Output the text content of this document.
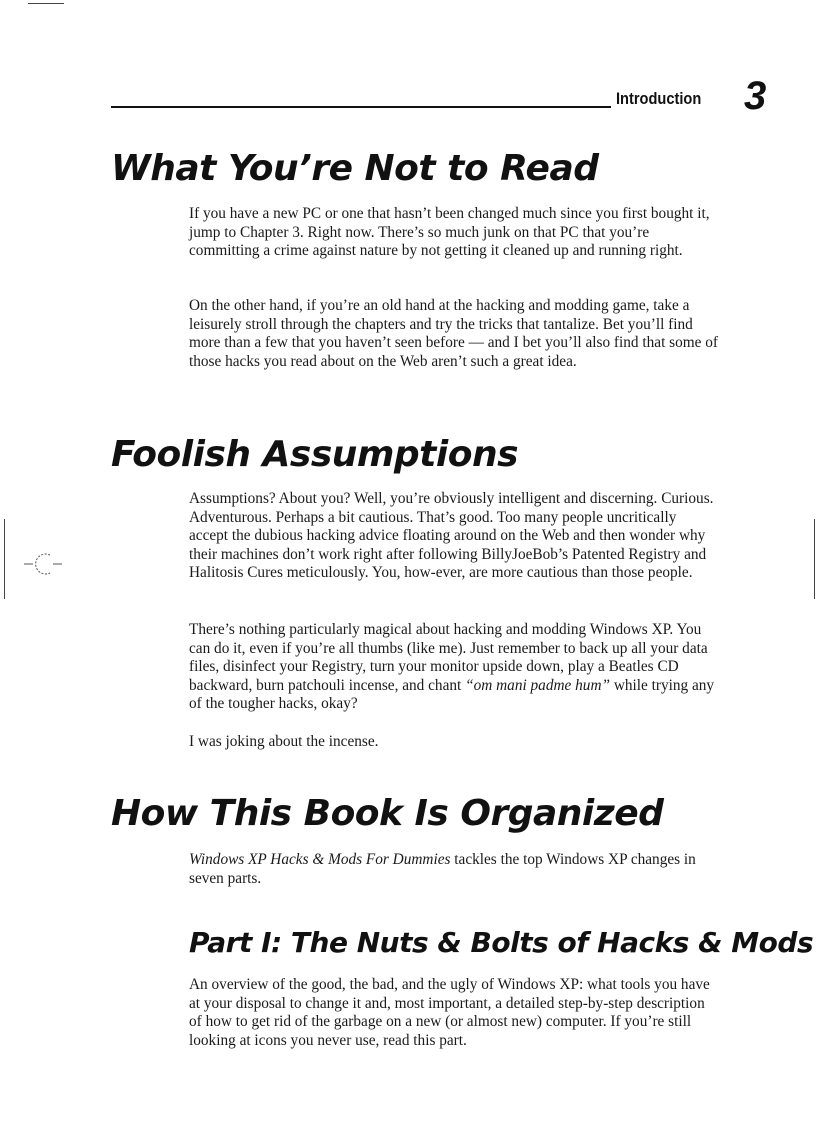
Introduction 3
What You’re Not to Read

If you have a new PC or one that hasn’t been changed much since you first bought it, jump to Chapter 3. Right now. There’s so much junk on that PC that you’re committing a crime against nature by not getting it cleaned up and running right.

On the other hand, if you’re an old hand at the hacking and modding game, take a leisurely stroll through the chapters and try the tricks that tantalize. Bet you’ll find more than a few that you haven’t seen before — and I bet you’ll also find that some of those hacks you read about on the Web aren’t such a great idea.

Foolish Assumptions

Assumptions? About you? Well, you’re obviously intelligent and discerning. Curious. Adventurous. Perhaps a bit cautious. That’s good. Too many people uncritically accept the dubious hacking advice floating around on the Web and then wonder why their machines don’t work right after following BillyJoeBob’s Patented Registry and Halitosis Cures meticulously. You, how-ever, are more cautious than those people.

There’s nothing particularly magical about hacking and modding Windows XP. You can do it, even if you’re all thumbs (like me). Just remember to back up all your data files, disinfect your Registry, turn your monitor upside down, play a Beatles CD backward, burn patchouli incense, and chant “om mani padme hum” while trying any of the tougher hacks, okay?

I was joking about the incense.

How This Book Is Organized

Windows XP Hacks & Mods For Dummies tackles the top Windows XP changes in seven parts.

Part I: The Nuts & Bolts of Hacks & Mods

An overview of the good, the bad, and the ugly of Windows XP: what tools you have at your disposal to change it and, most important, a detailed step-by-step description of how to get rid of the garbage on a new (or almost new) computer. If you’re still looking at icons you never use, read this part.
